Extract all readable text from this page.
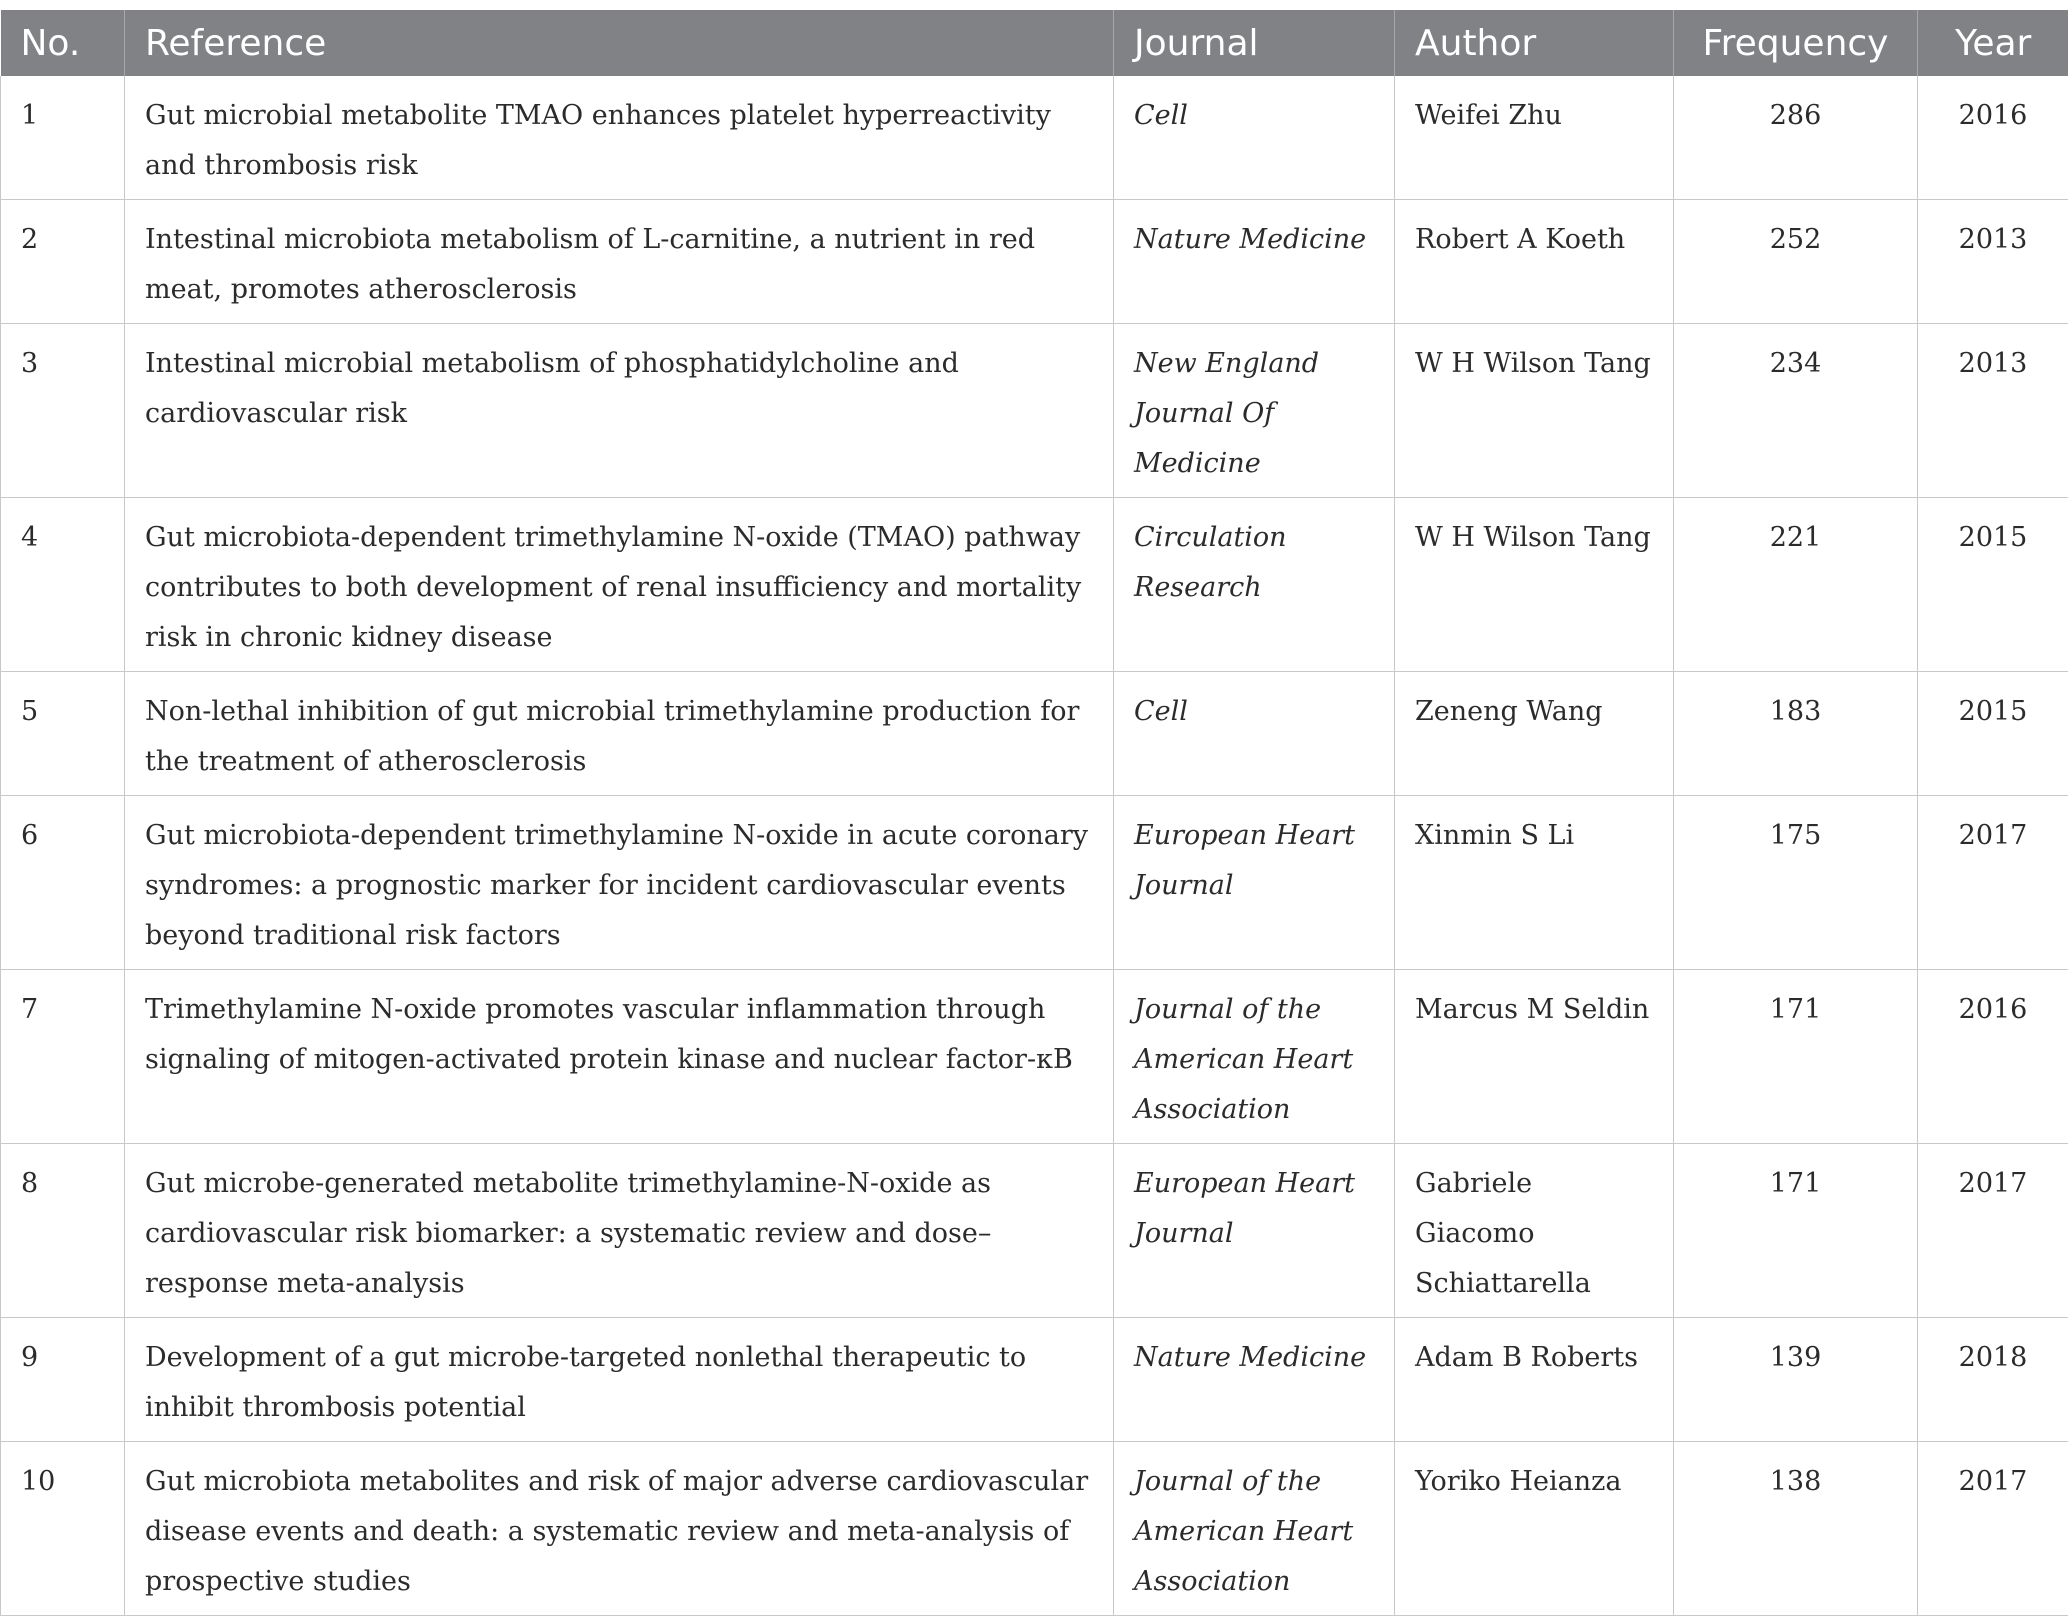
No.	Reference	Journal	Author	Frequency	Year
1	Gut microbial metabolite TMAO enhances platelet hyperreactivity and thrombosis risk	Cell	Weifei Zhu	286	2016
2	Intestinal microbiota metabolism of L-carnitine, a nutrient in red meat, promotes atherosclerosis	Nature Medicine	Robert A Koeth	252	2013
3	Intestinal microbial metabolism of phosphatidylcholine and cardiovascular risk	New England Journal Of Medicine	W H Wilson Tang	234	2013
4	Gut microbiota-dependent trimethylamine N-oxide (TMAO) pathway contributes to both development of renal insufficiency and mortality risk in chronic kidney disease	Circulation Research	W H Wilson Tang	221	2015
5	Non-lethal inhibition of gut microbial trimethylamine production for the treatment of atherosclerosis	Cell	Zeneng Wang	183	2015
6	Gut microbiota-dependent trimethylamine N-oxide in acute coronary syndromes: a prognostic marker for incident cardiovascular events beyond traditional risk factors	European Heart Journal	Xinmin S Li	175	2017
7	Trimethylamine N-oxide promotes vascular inflammation through signaling of mitogen-activated protein kinase and nuclear factor-κB	Journal of the American Heart Association	Marcus M Seldin	171	2016
8	Gut microbe-generated metabolite trimethylamine-N-oxide as cardiovascular risk biomarker: a systematic review and dose–response meta-analysis	European Heart Journal	Gabriele Giacomo Schiattarella	171	2017
9	Development of a gut microbe-targeted nonlethal therapeutic to inhibit thrombosis potential	Nature Medicine	Adam B Roberts	139	2018
10	Gut microbiota metabolites and risk of major adverse cardiovascular disease events and death: a systematic review and meta-analysis of prospective studies	Journal of the American Heart Association	Yoriko Heianza	138	2017
